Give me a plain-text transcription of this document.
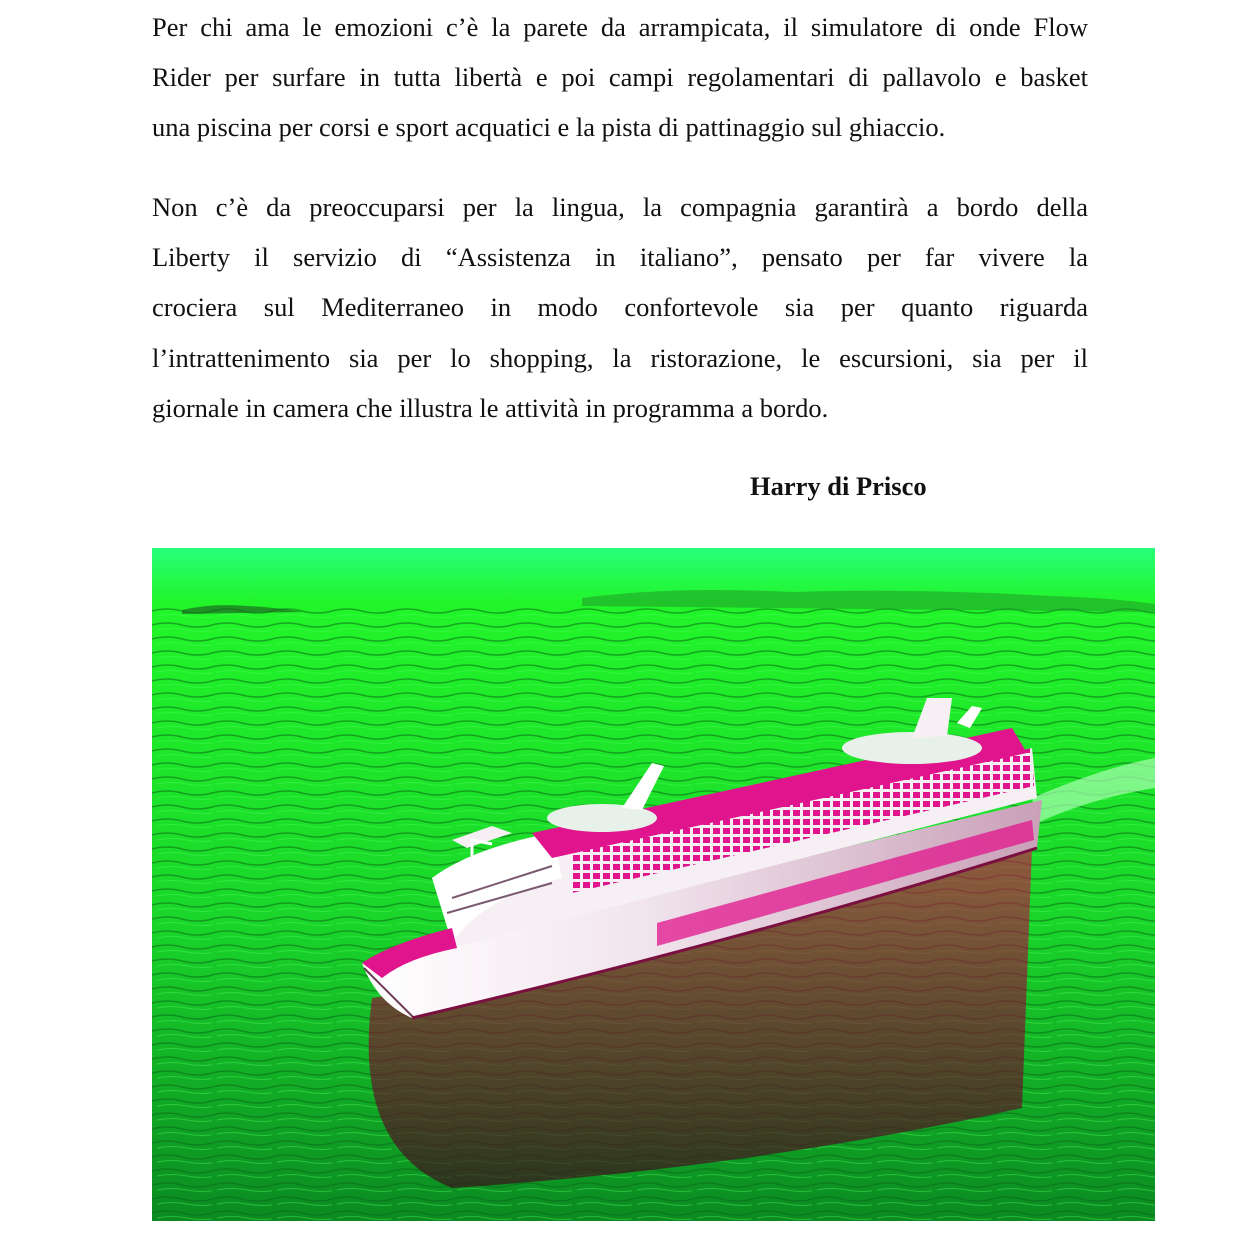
Per chi ama le emozioni c’è la parete da arrampicata, il simulatore di onde Flow
Rider per surfare in tutta libertà e poi campi regolamentari di pallavolo e basket
una piscina per corsi e sport acquatici e la pista di pattinaggio sul ghiaccio.

Non c’è da preoccuparsi per la lingua, la compagnia garantirà a bordo della
Liberty il servizio di “Assistenza in italiano”, pensato per far vivere la
crociera sul Mediterraneo in modo confortevole sia per quanto riguarda
l’intrattenimento sia per lo shopping, la ristorazione, le escursioni, sia per il
giornale in camera che illustra le attività in programma a bordo.

Harry di Prisco
